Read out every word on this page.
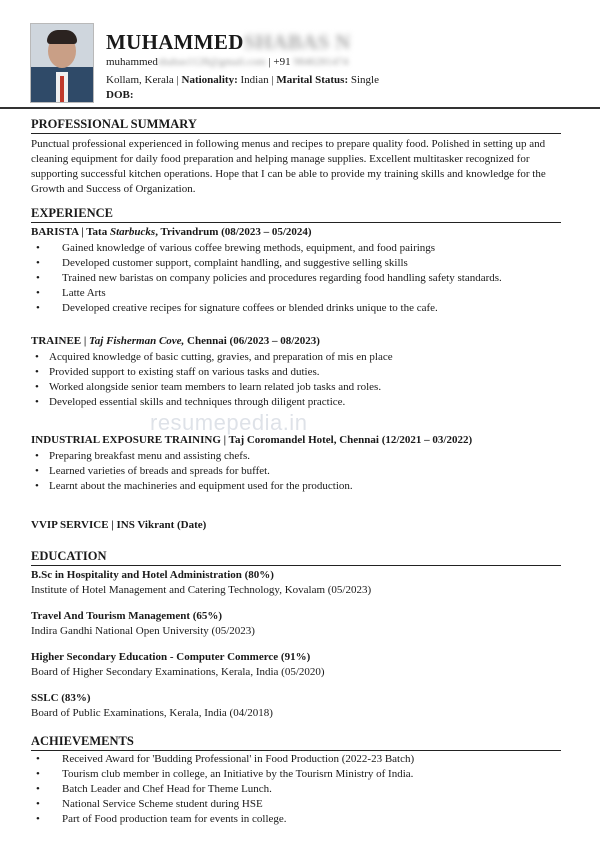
MUHAMMEDSHABAS N
muhammedshabas1128@gmail.com | +91 9846281474
Kollam, Kerala | Nationality: Indian | Marital Status: Single
DOB:
PROFESSIONAL SUMMARY
Punctual professional experienced in following menus and recipes to prepare quality food. Polished in setting up and cleaning equipment for daily food preparation and helping manage supplies. Excellent multitasker recognized for supporting successful kitchen operations. Hope that I can be able to provide my training skills and knowledge for the Growth and Success of Organization.
EXPERIENCE
BARISTA | Tata Starbucks, Trivandrum (08/2023 – 05/2024)
• Gained knowledge of various coffee brewing methods, equipment, and food pairings
• Developed customer support, complaint handling, and suggestive selling skills
• Trained new baristas on company policies and procedures regarding food handling safety standards.
• Latte Arts
• Developed creative recipes for signature coffees or blended drinks unique to the cafe.
TRAINEE | Taj Fisherman Cove, Chennai (06/2023 – 08/2023)
• Acquired knowledge of basic cutting, gravies, and preparation of mis en place
• Provided support to existing staff on various tasks and duties.
• Worked alongside senior team members to learn related job tasks and roles.
• Developed essential skills and techniques through diligent practice.
INDUSTRIAL EXPOSURE TRAINING | Taj Coromandel Hotel, Chennai (12/2021 – 03/2022)
• Preparing breakfast menu and assisting chefs.
• Learned varieties of breads and spreads for buffet.
• Learnt about the machineries and equipment used for the production.
VVIP SERVICE | INS Vikrant (Date)
EDUCATION
B.Sc in Hospitality and Hotel Administration (80%)
Institute of Hotel Management and Catering Technology, Kovalam (05/2023)
Travel And Tourism Management (65%)
Indira Gandhi National Open University (05/2023)
Higher Secondary Education - Computer Commerce (91%)
Board of Higher Secondary Examinations, Kerala, India (05/2020)
SSLC (83%)
Board of Public Examinations, Kerala, India (04/2018)
ACHIEVEMENTS
• Received Award for 'Budding Professional' in Food Production (2022-23 Batch)
• Tourism club member in college, an Initiative by the Tourisrn Ministry of India.
• Batch Leader and Chef Head for Theme Lunch.
• National Service Scheme student during HSE
• Part of Food production team for events in college.
resumepedia.in
